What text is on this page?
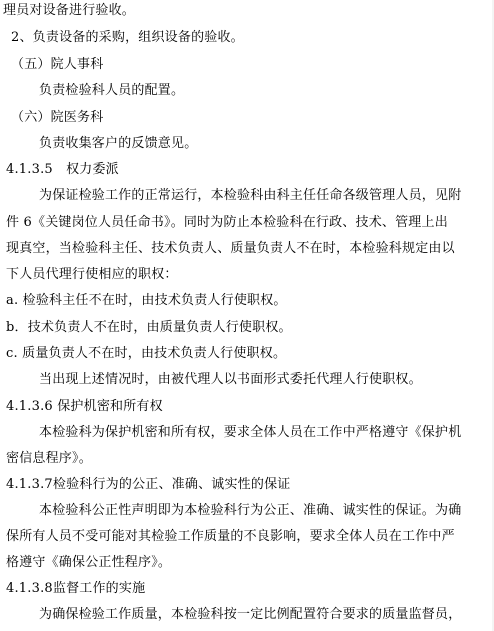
理员对设备进行验收。
2、负责设备的采购，组织设备的验收。
（五）院人事科
负责检验科人员的配置。
（六）院医务科
负责收集客户的反馈意见。
4.1.3.5　权力委派
为保证检验工作的正常运行，本检验科由科主任任命各级管理人员，见附
件 6《关键岗位人员任命书》。同时为防止本检验科在行政、技术、管理上出
现真空，当检验科主任、技术负责人、质量负责人不在时，本检验科规定由以
下人员代理行使相应的职权：
a. 检验科主任不在时，由技术负责人行使职权。
b．技术负责人不在时，由质量负责人行使职权。
c. 质量负责人不在时，由技术负责人行使职权。
当出现上述情况时，由被代理人以书面形式委托代理人行使职权。
4.1.3.6 保护机密和所有权
本检验科为保护机密和所有权，要求全体人员在工作中严格遵守《保护机
密信息程序》。
4.1.3.7检验科行为的公正、准确、诚实性的保证
本检验科公正性声明即为本检验科行为公正、准确、诚实性的保证。为确
保所有人员不受可能对其检验工作质量的不良影响，要求全体人员在工作中严
格遵守《确保公正性程序》。
4.1.3.8监督工作的实施
为确保检验工作质量，本检验科按一定比例配置符合要求的质量监督员，
